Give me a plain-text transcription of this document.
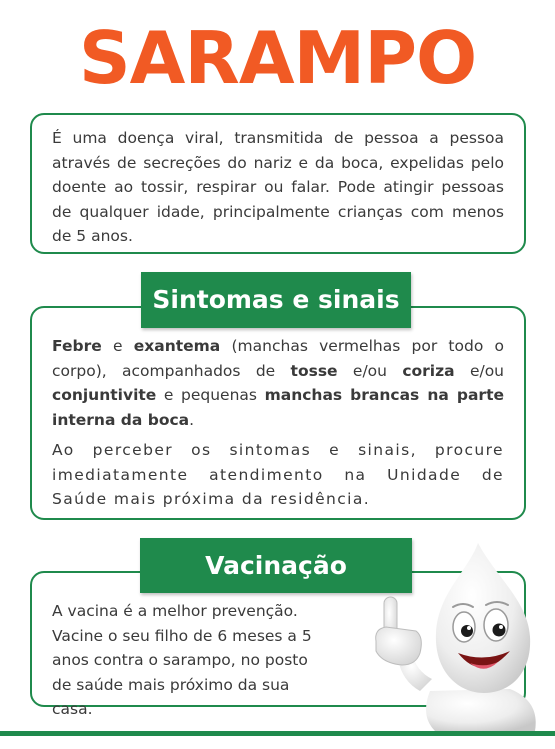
SARAMPO

É uma doença viral, transmitida de pessoa a pessoa através de secreções do nariz e da boca, expelidas pelo doente ao tossir, respirar ou falar. Pode atingir pessoas de qualquer idade, principalmente crianças com menos de 5 anos.

Febre e exantema (manchas vermelhas por todo o corpo), acompanhados de tosse e/ou coriza e/ou conjuntivite e pequenas manchas brancas na parte interna da boca.

Ao perceber os sintomas e sinais, procure imediatamente atendimento na Unidade de Saúde mais próxima da residência.

Sintomas e sinais

A vacina é a melhor prevenção. Vacine o seu filho de 6 meses a 5 anos contra o sarampo, no posto de saúde mais próximo da sua casa.

Vacinação
